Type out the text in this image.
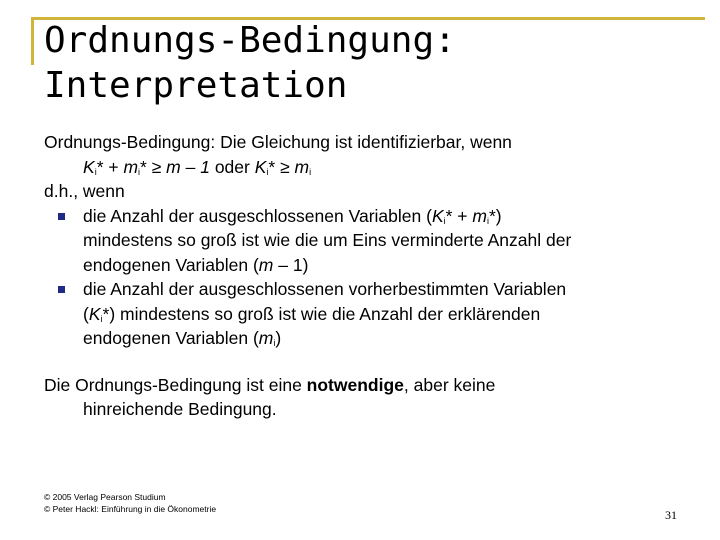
Ordnungs-Bedingung:
Interpretation
Ordnungs-Bedingung: Die Gleichung ist identifizierbar, wenn
$K_i* + m_i* \ge m - 1$ oder $K_i* \ge m_i$
d.h., wenn
die Anzahl der ausgeschlossenen Variablen $(K_i* + m_i*)$
mindestens so groß ist wie die um Eins verminderte Anzahl der
endogenen Variablen (m – 1)
die Anzahl der ausgeschlossenen vorherbestimmten Variablen
$(K_i*)$ mindestens so groß ist wie die Anzahl der erklärenden
endogenen Variablen $(m_i)$
Die Ordnungs-Bedingung ist eine notwendige, aber keine
hinreichende Bedingung.
© 2005 Verlag Pearson Studium
© Peter Hackl: Einführung in die Ökonometrie	31
